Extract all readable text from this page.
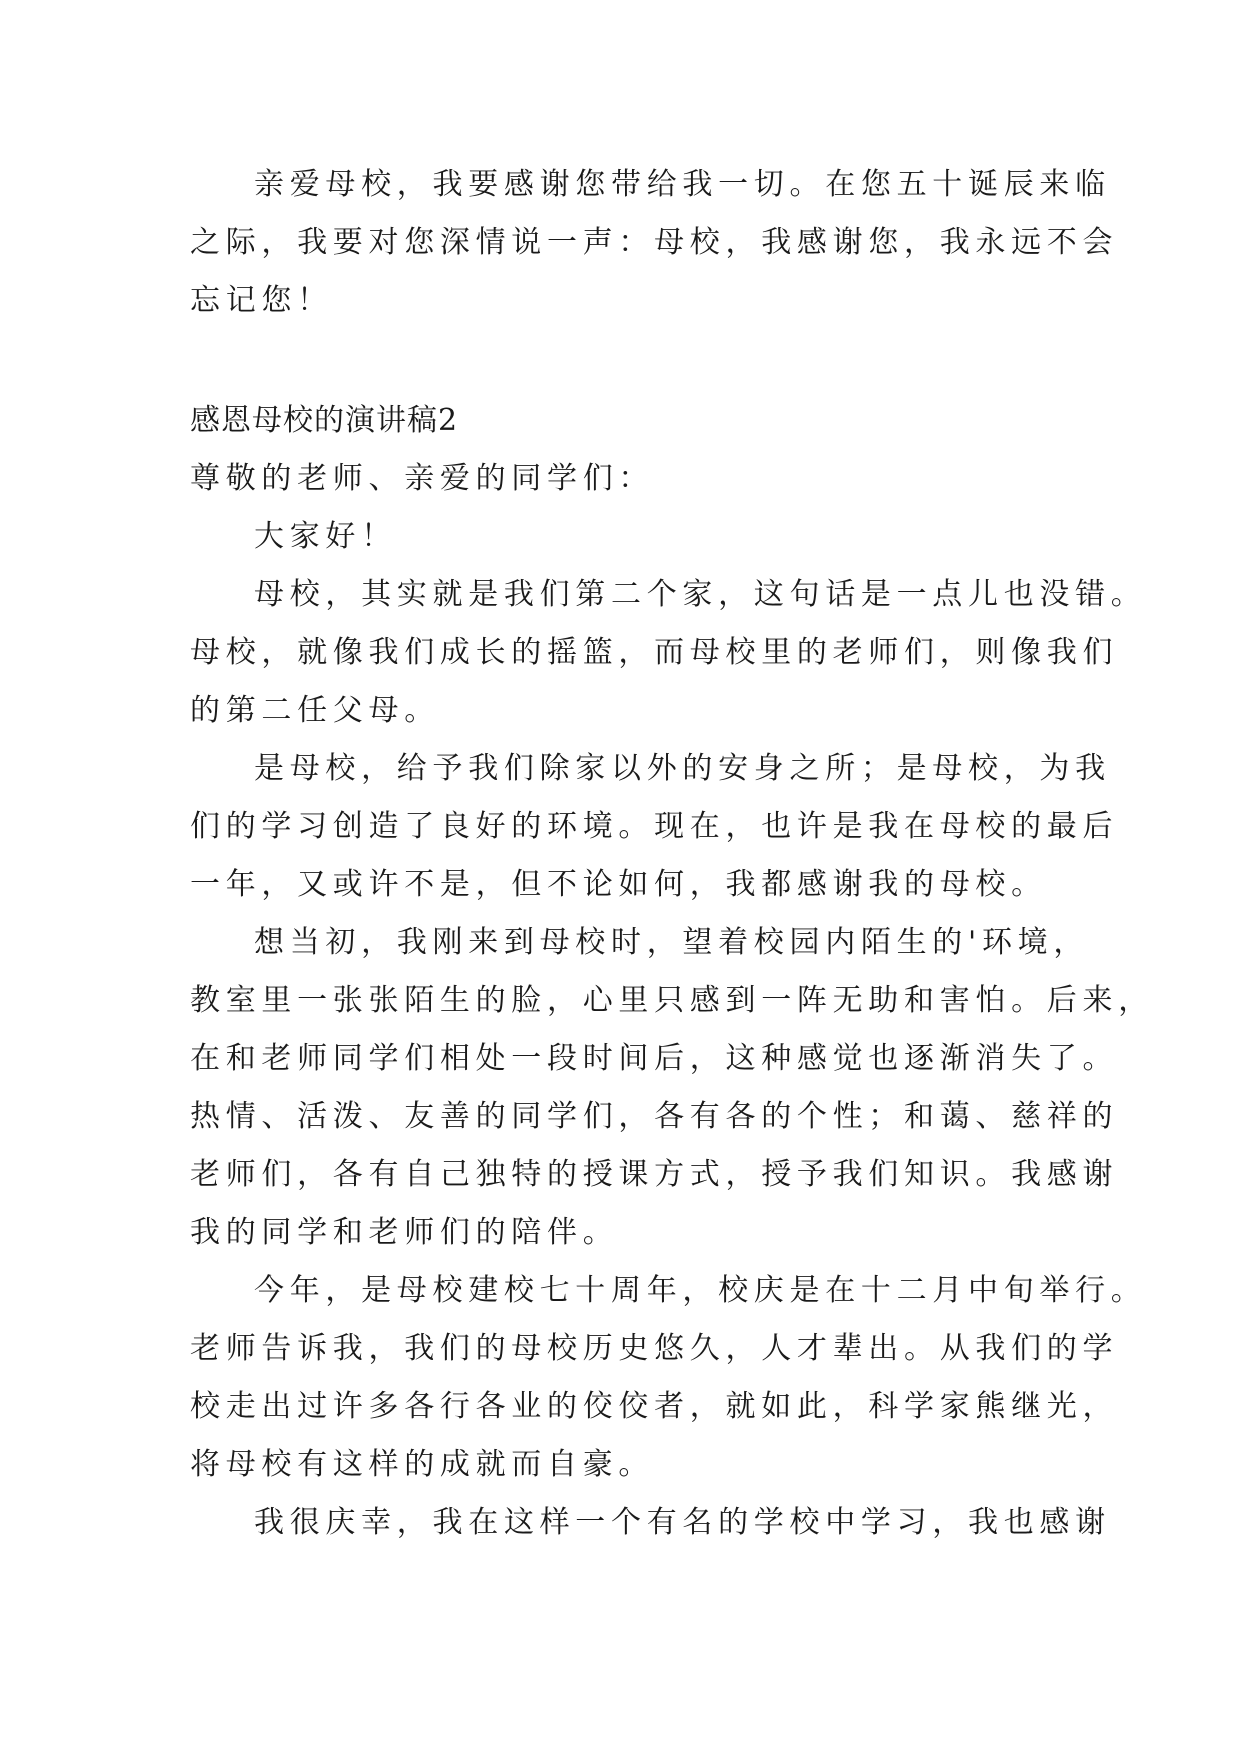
亲爱母校，我要感谢您带给我一切。在您五十诞辰来临

之际，我要对您深情说一声：母校，我感谢您，我永远不会

忘记您！

感恩母校的演讲稿2

尊敬的老师、亲爱的同学们：

大家好！

母校，其实就是我们第二个家，这句话是一点儿也没错。

母校，就像我们成长的摇篮，而母校里的老师们，则像我们

的第二任父母。

是母校，给予我们除家以外的安身之所；是母校，为我

们的学习创造了良好的环境。现在，也许是我在母校的最后

一年，又或许不是，但不论如何，我都感谢我的母校。

想当初，我刚来到母校时，望着校园内陌生的'环境，

教室里一张张陌生的脸，心里只感到一阵无助和害怕。后来，

在和老师同学们相处一段时间后，这种感觉也逐渐消失了。

热情、活泼、友善的同学们，各有各的个性；和蔼、慈祥的

老师们，各有自己独特的授课方式，授予我们知识。我感谢

我的同学和老师们的陪伴。

今年，是母校建校七十周年，校庆是在十二月中旬举行。

老师告诉我，我们的母校历史悠久，人才辈出。从我们的学

校走出过许多各行各业的佼佼者，就如此，科学家熊继光，

将母校有这样的成就而自豪。

我很庆幸，我在这样一个有名的学校中学习，我也感谢
